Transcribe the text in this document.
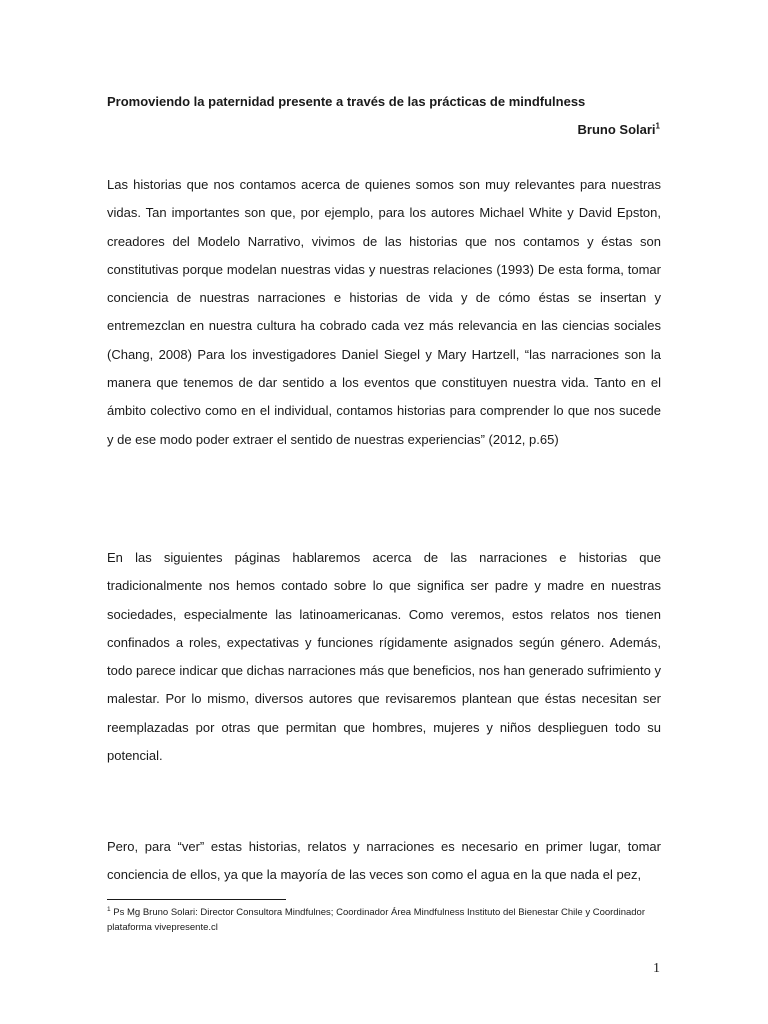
Promoviendo la paternidad presente a través de las prácticas de mindfulness
Bruno Solari$^1$

Las historias que nos contamos acerca de quienes somos son muy relevantes para nuestras vidas. Tan importantes son que, por ejemplo, para los autores Michael White y David Epston, creadores del Modelo Narrativo, vivimos de las historias que nos contamos y éstas son constitutivas porque modelan nuestras vidas y nuestras relaciones (1993) De esta forma, tomar conciencia de nuestras narraciones e historias de vida y de cómo éstas se insertan y entremezclan en nuestra cultura ha cobrado cada vez más relevancia en las ciencias sociales (Chang, 2008) Para los investigadores Daniel Siegel y Mary Hartzell, “las narraciones son la manera que tenemos de dar sentido a los eventos que constituyen nuestra vida. Tanto en el ámbito colectivo como en el individual, contamos historias para comprender lo que nos sucede y de ese modo poder extraer el sentido de nuestras experiencias” (2012, p.65)

En las siguientes páginas hablaremos acerca de las narraciones e historias que tradicionalmente nos hemos contado sobre lo que significa ser padre y madre en nuestras sociedades, especialmente las latinoamericanas. Como veremos, estos relatos nos tienen confinados a roles, expectativas y funciones rígidamente asignados según género. Además, todo parece indicar que dichas narraciones más que beneficios, nos han generado sufrimiento y malestar. Por lo mismo, diversos autores que revisaremos plantean que éstas necesitan ser reemplazadas por otras que permitan que hombres, mujeres y niños desplieguen todo su potencial.

Pero, para “ver” estas historias, relatos y narraciones es necesario en primer lugar, tomar conciencia de ellos, ya que la mayoría de las veces son como el agua en la que nada el pez,

$^1$ Ps Mg Bruno Solari: Director Consultora Mindfulnes; Coordinador Área Mindfulness Instituto del Bienestar Chile y Coordinador plataforma vivepresente.cl
1
